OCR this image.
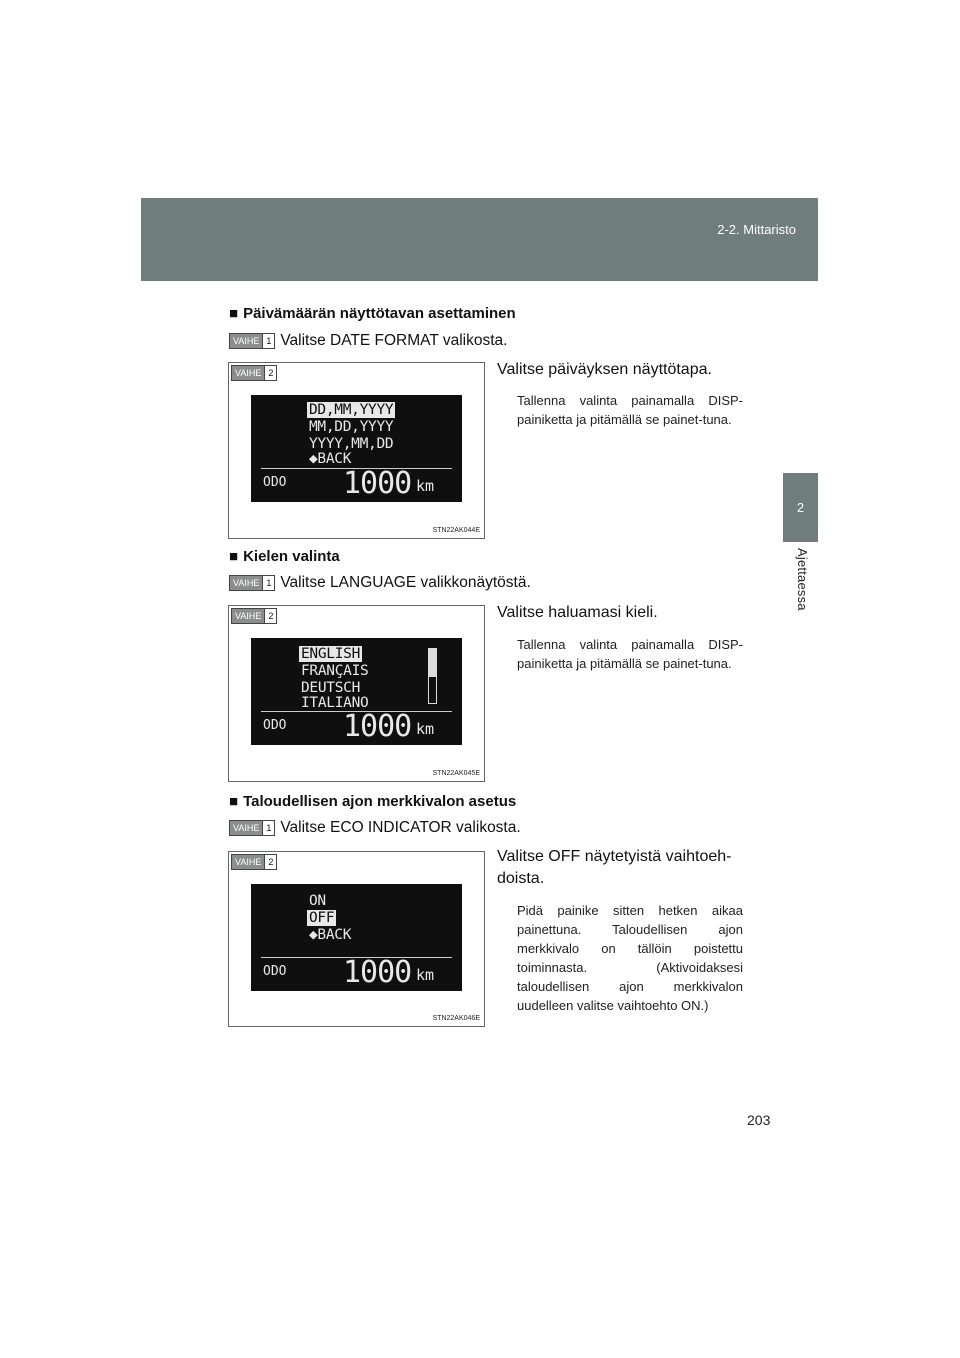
2-2. Mittaristo
2
Ajettaessa
■ Päivämäärän näyttötavan asettaminen
VAIHE 1 Valitse DATE FORMAT valikosta.
VAIHE 2
DD,MM,YYYY
MM,DD,YYYY
YYYY,MM,DD
◆BACK
ODO 1000 km
STN22AK044E
Valitse päiväyksen näyttötapa.
Tallenna valinta painamalla DISP-painiketta ja pitämällä se painet-tuna.
■ Kielen valinta
VAIHE 1 Valitse LANGUAGE valikkonäytöstä.
VAIHE 2
ENGLISH
FRANÇAIS
DEUTSCH
ITALIANO
ODO 1000 km
STN22AK045E
Valitse haluamasi kieli.
Tallenna valinta painamalla DISP-painiketta ja pitämällä se painet-tuna.
■ Taloudellisen ajon merkkivalon asetus
VAIHE 1 Valitse ECO INDICATOR valikosta.
VAIHE 2
ON
OFF
◆BACK
ODO 1000 km
STN22AK046E
Valitse OFF näytetyistä vaihtoeh-doista.
Pidä painike sitten hetken aikaa painettuna. Taloudellisen ajon merkkivalo on tällöin poistettu toiminnasta. (Aktivoidaksesi taloudellisen ajon merkkivalon uudelleen valitse vaihtoehto ON.)
203
